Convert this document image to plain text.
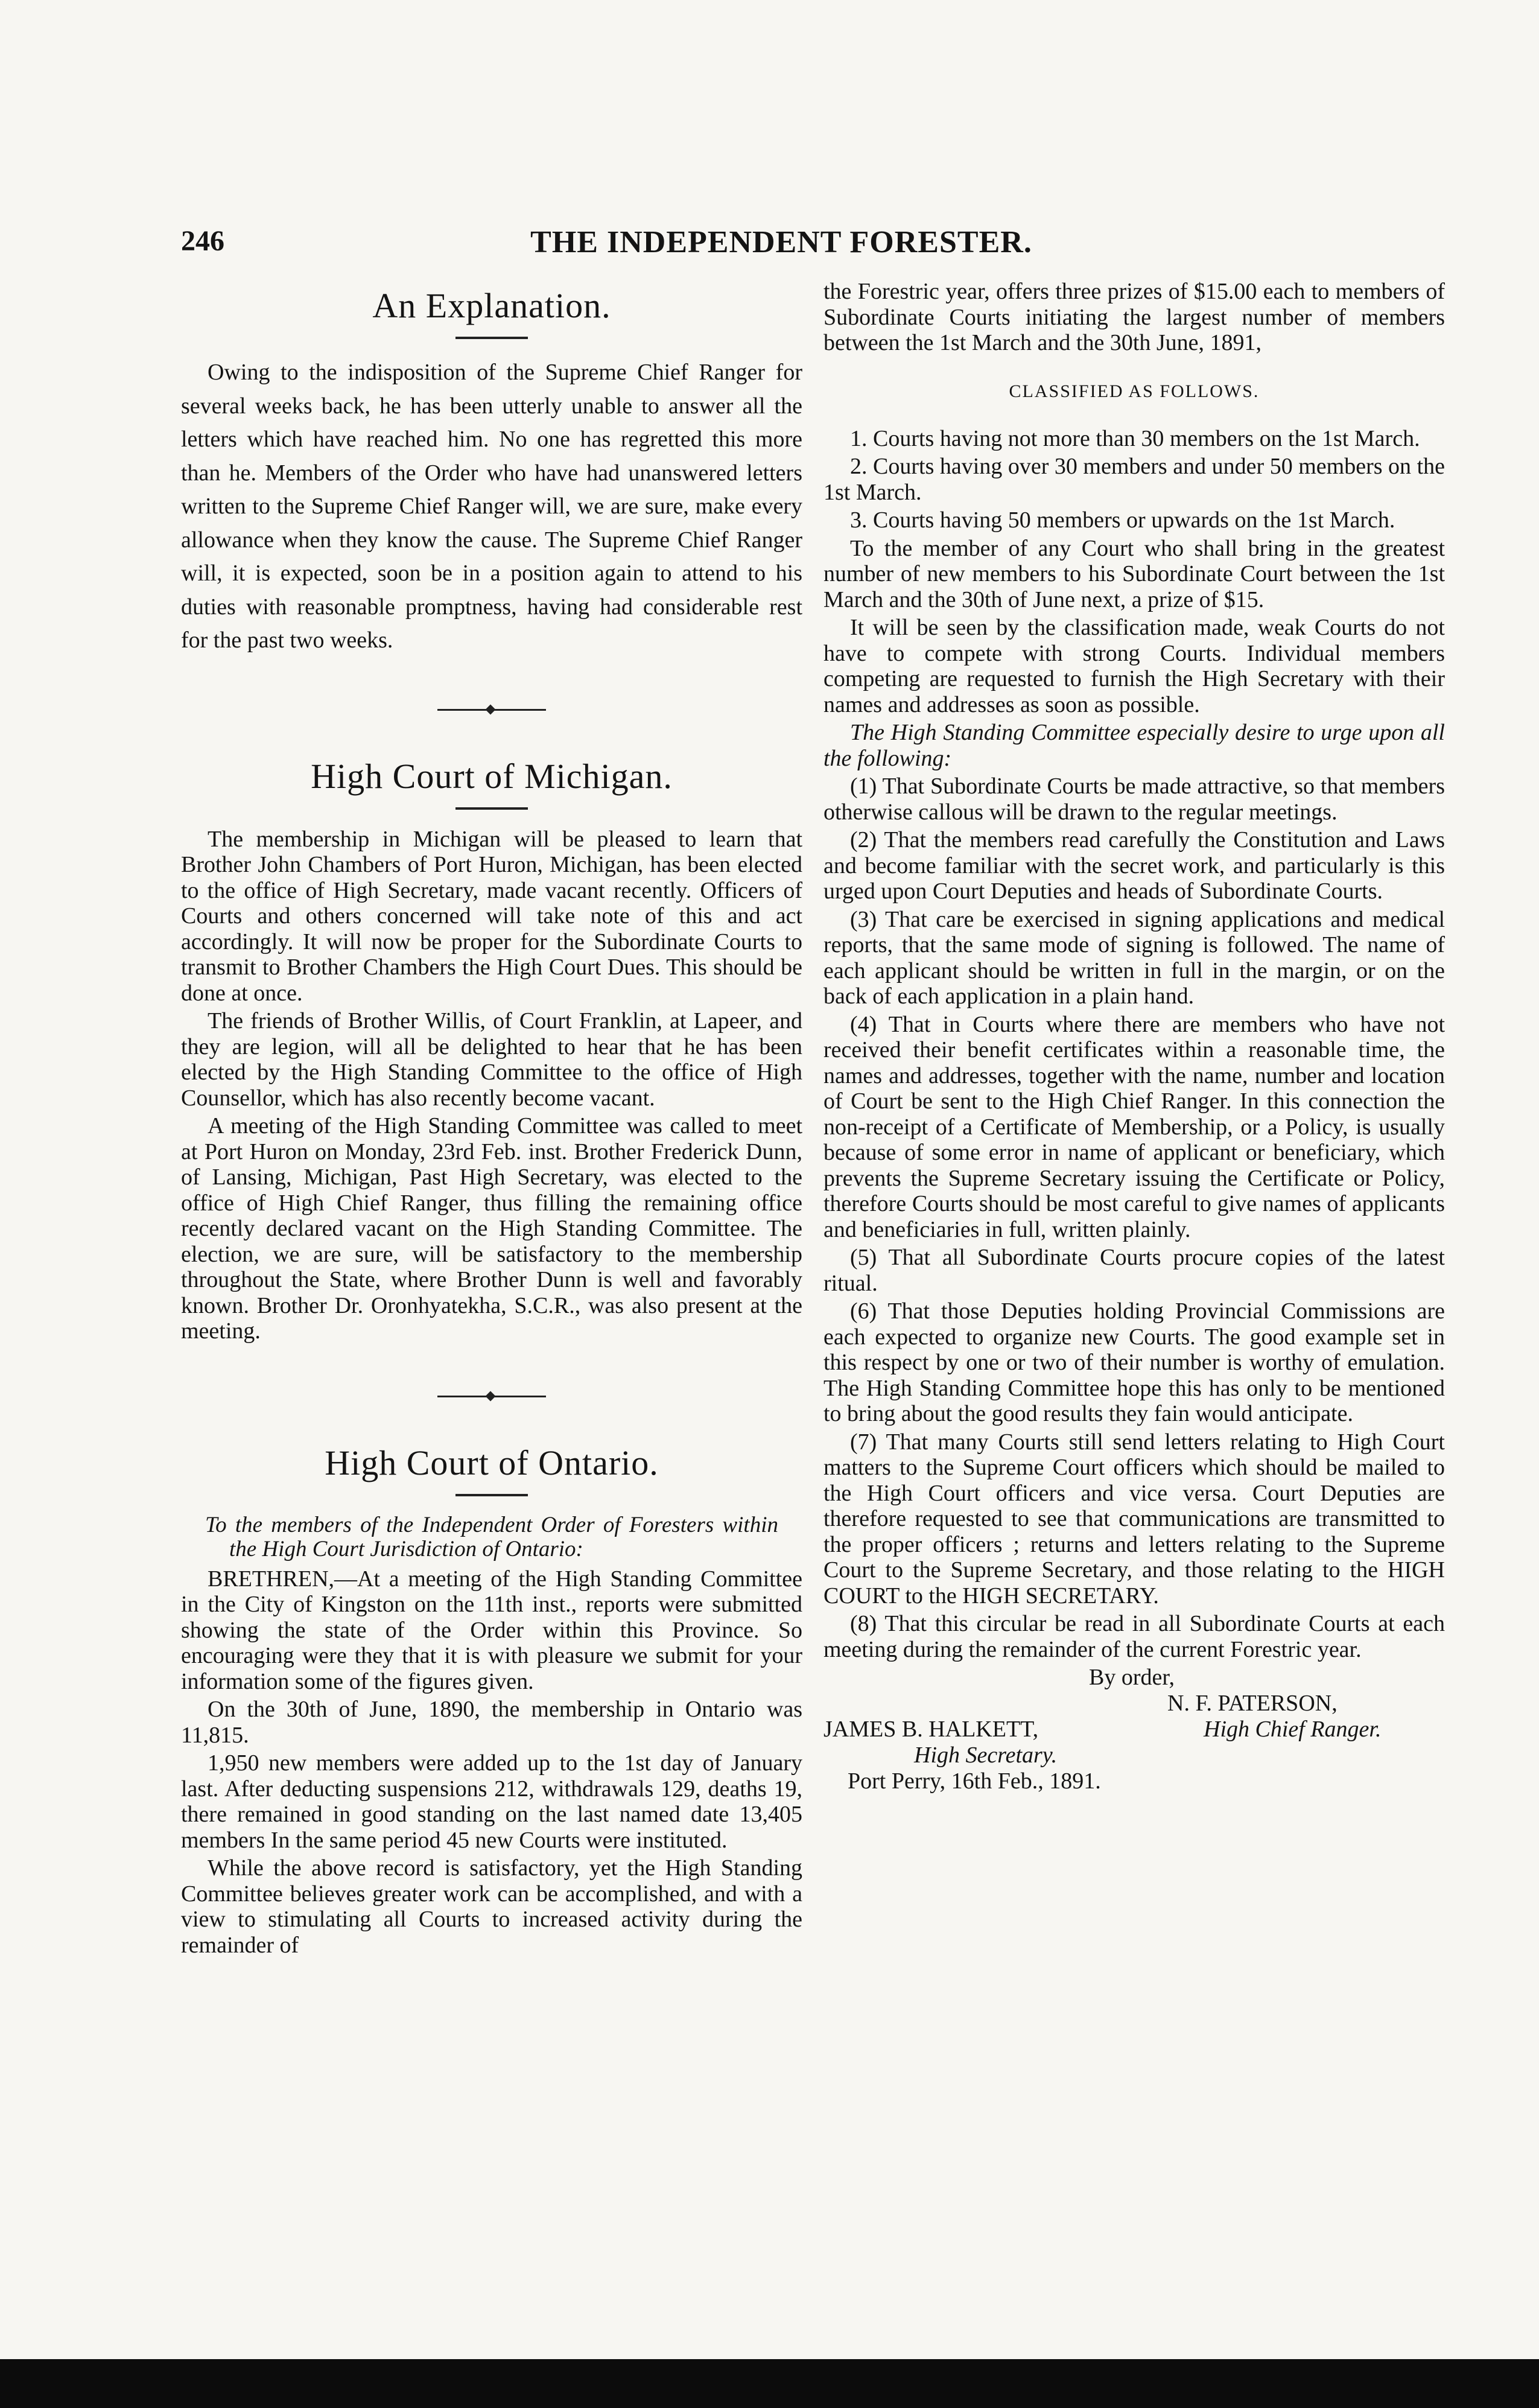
246	THE INDEPENDENT FORESTER.
An Explanation.

Owing to the indisposition of the Supreme Chief Ranger for several weeks back, he has been utterly unable to answer all the letters which have reached him. No one has regretted this more than he. Members of the Order who have had unanswered letters written to the Supreme Chief Ranger will, we are sure, make every allowance when they know the cause. The Supreme Chief Ranger will, it is expected, soon be in a position again to attend to his duties with reasonable promptness, having had considerable rest for the past two weeks.

High Court of Michigan.

The membership in Michigan will be pleased to learn that Brother John Chambers of Port Huron, Michigan, has been elected to the office of High Secretary, made vacant recently. Officers of Courts and others concerned will take note of this and act accordingly. It will now be proper for the Subordinate Courts to transmit to Brother Chambers the High Court Dues. This should be done at once.

The friends of Brother Willis, of Court Franklin, at Lapeer, and they are legion, will all be delighted to hear that he has been elected by the High Standing Committee to the office of High Counsellor, which has also recently become vacant.

A meeting of the High Standing Committee was called to meet at Port Huron on Monday, 23rd Feb. inst. Brother Frederick Dunn, of Lansing, Michigan, Past High Secretary, was elected to the office of High Chief Ranger, thus filling the remaining office recently declared vacant on the High Standing Committee. The election, we are sure, will be satisfactory to the membership throughout the State, where Brother Dunn is well and favorably known. Brother Dr. Oronhyatekha, S.C.R., was also present at the meeting.

High Court of Ontario.

To the members of the Independent Order of Foresters within the High Court Jurisdiction of Ontario:

BRETHREN,—At a meeting of the High Standing Committee in the City of Kingston on the 11th inst., reports were submitted showing the state of the Order within this Province. So encouraging were they that it is with pleasure we submit for your information some of the figures given.

On the 30th of June, 1890, the membership in Ontario was 11,815.

1,950 new members were added up to the 1st day of January last. After deducting suspensions 212, withdrawals 129, deaths 19, there remained in good standing on the last named date 13,405 members In the same period 45 new Courts were instituted.

While the above record is satisfactory, yet the High Standing Committee believes greater work can be accomplished, and with a view to stimulating all Courts to increased activity during the remainder of

the Forestric year, offers three prizes of $15.00 each to members of Subordinate Courts initiating the largest number of members between the 1st March and the 30th June, 1891,

CLASSIFIED AS FOLLOWS.

1. Courts having not more than 30 members on the 1st March.

2. Courts having over 30 members and under 50 members on the 1st March.

3. Courts having 50 members or upwards on the 1st March.

To the member of any Court who shall bring in the greatest number of new members to his Subordinate Court between the 1st March and the 30th of June next, a prize of $15.

It will be seen by the classification made, weak Courts do not have to compete with strong Courts. Individual members competing are requested to furnish the High Secretary with their names and addresses as soon as possible.

The High Standing Committee especially desire to urge upon all the following:

(1) That Subordinate Courts be made attractive, so that members otherwise callous will be drawn to the regular meetings.

(2) That the members read carefully the Constitution and Laws and become familiar with the secret work, and particularly is this urged upon Court Deputies and heads of Subordinate Courts.

(3) That care be exercised in signing applications and medical reports, that the same mode of signing is followed. The name of each applicant should be written in full in the margin, or on the back of each application in a plain hand.

(4) That in Courts where there are members who have not received their benefit certificates within a reasonable time, the names and addresses, together with the name, number and location of Court be sent to the High Chief Ranger. In this connection the non-receipt of a Certificate of Membership, or a Policy, is usually because of some error in name of applicant or beneficiary, which prevents the Supreme Secretary issuing the Certificate or Policy, therefore Courts should be most careful to give names of applicants and beneficiaries in full, written plainly.

(5) That all Subordinate Courts procure copies of the latest ritual.

(6) That those Deputies holding Provincial Commissions are each expected to organize new Courts. The good example set in this respect by one or two of their number is worthy of emulation. The High Standing Committee hope this has only to be mentioned to bring about the good results they fain would anticipate.

(7) That many Courts still send letters relating to High Court matters to the Supreme Court officers which should be mailed to the High Court officers and vice versa. Court Deputies are therefore requested to see that communications are transmitted to the proper officers ; returns and letters relating to the Supreme Court to the Supreme Secretary, and those relating to the HIGH COURT to the HIGH SECRETARY.

(8) That this circular be read in all Subordinate Courts at each meeting during the remainder of the current Forestric year.

By order,
N. F. PATERSON,
JAMES B. HALKETT,	High Chief Ranger.
High Secretary.
Port Perry, 16th Feb., 1891.
